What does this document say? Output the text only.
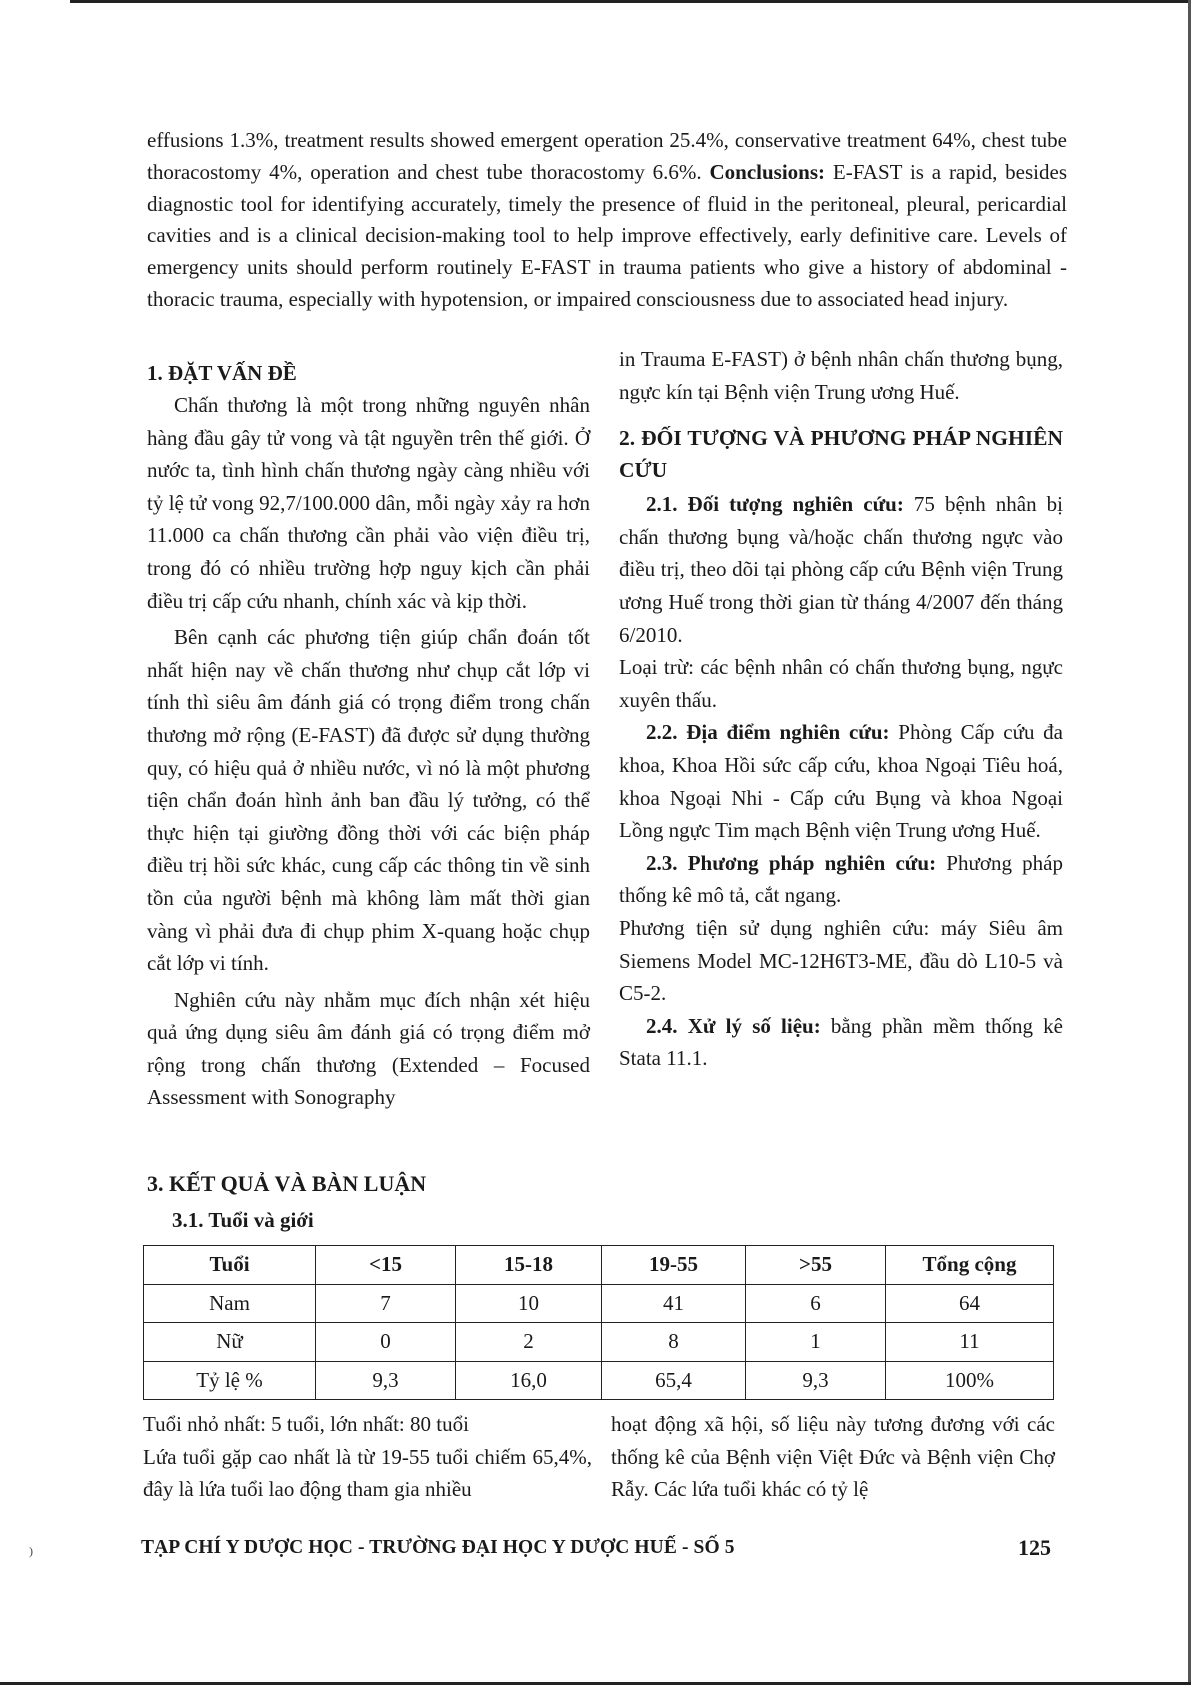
effusions 1.3%, treatment results showed emergent operation 25.4%, conservative treatment 64%, chest tube thoracostomy 4%, operation and chest tube thoracostomy 6.6%. Conclusions: E-FAST is a rapid, besides diagnostic tool for identifying accurately, timely the presence of fluid in the peritoneal, pleural, pericardial cavities and is a clinical decision-making tool to help improve effectively, early definitive care. Levels of emergency units should perform routinely E-FAST in trauma patients who give a history of abdominal - thoracic trauma, especially with hypotension, or impaired consciousness due to associated head injury.

1. ĐẶT VẤN ĐỀ

Chấn thương là một trong những nguyên nhân hàng đầu gây tử vong và tật nguyền trên thế giới. Ở nước ta, tình hình chấn thương ngày càng nhiều với tỷ lệ tử vong 92,7/100.000 dân, mỗi ngày xảy ra hơn 11.000 ca chấn thương cần phải vào viện điều trị, trong đó có nhiều trường hợp nguy kịch cần phải điều trị cấp cứu nhanh, chính xác và kịp thời.

Bên cạnh các phương tiện giúp chẩn đoán tốt nhất hiện nay về chấn thương như chụp cắt lớp vi tính thì siêu âm đánh giá có trọng điểm trong chấn thương mở rộng (E-FAST) đã được sử dụng thường quy, có hiệu quả ở nhiều nước, vì nó là một phương tiện chẩn đoán hình ảnh ban đầu lý tưởng, có thể thực hiện tại giường đồng thời với các biện pháp điều trị hồi sức khác, cung cấp các thông tin về sinh tồn của người bệnh mà không làm mất thời gian vàng vì phải đưa đi chụp phim X-quang hoặc chụp cắt lớp vi tính.

Nghiên cứu này nhằm mục đích nhận xét hiệu quả ứng dụng siêu âm đánh giá có trọng điểm mở rộng trong chấn thương (Extended – Focused Assessment with Sonography

in Trauma E-FAST) ở bệnh nhân chấn thương bụng, ngực kín tại Bệnh viện Trung ương Huế.

2. ĐỐI TƯỢNG VÀ PHƯƠNG PHÁP NGHIÊN CỨU

2.1. Đối tượng nghiên cứu: 75 bệnh nhân bị chấn thương bụng và/hoặc chấn thương ngực vào điều trị, theo dõi tại phòng cấp cứu Bệnh viện Trung ương Huế trong thời gian từ tháng 4/2007 đến tháng 6/2010.

Loại trừ: các bệnh nhân có chấn thương bụng, ngực xuyên thấu.

2.2. Địa điểm nghiên cứu: Phòng Cấp cứu đa khoa, Khoa Hồi sức cấp cứu, khoa Ngoại Tiêu hoá, khoa Ngoại Nhi - Cấp cứu Bụng và khoa Ngoại Lồng ngực Tim mạch Bệnh viện Trung ương Huế.

2.3. Phương pháp nghiên cứu: Phương pháp thống kê mô tả, cắt ngang.

Phương tiện sử dụng nghiên cứu: máy Siêu âm Siemens Model MC-12H6T3-ME, đầu dò L10-5 và C5-2.

2.4. Xử lý số liệu: bằng phần mềm thống kê Stata 11.1.

3. KẾT QUẢ VÀ BÀN LUẬN
3.1. Tuổi và giới
Tuổi	<15	15-18	19-55	>55	Tổng cộng
Nam	7	10	41	6	64
Nữ	0	2	8	1	11
Tỷ lệ %	9,3	16,0	65,4	9,3	100%

Tuổi nhỏ nhất: 5 tuổi, lớn nhất: 80 tuổi

Lứa tuổi gặp cao nhất là từ 19-55 tuổi chiếm 65,4%, đây là lứa tuổi lao động tham gia nhiều

hoạt động xã hội, số liệu này tương đương với các thống kê của Bệnh viện Việt Đức và Bệnh viện Chợ Rẫy. Các lứa tuổi khác có tỷ lệ
TẠP CHÍ Y DƯỢC HỌC - TRƯỜNG ĐẠI HỌC Y DƯỢC HUẾ - SỐ 5	125
)
